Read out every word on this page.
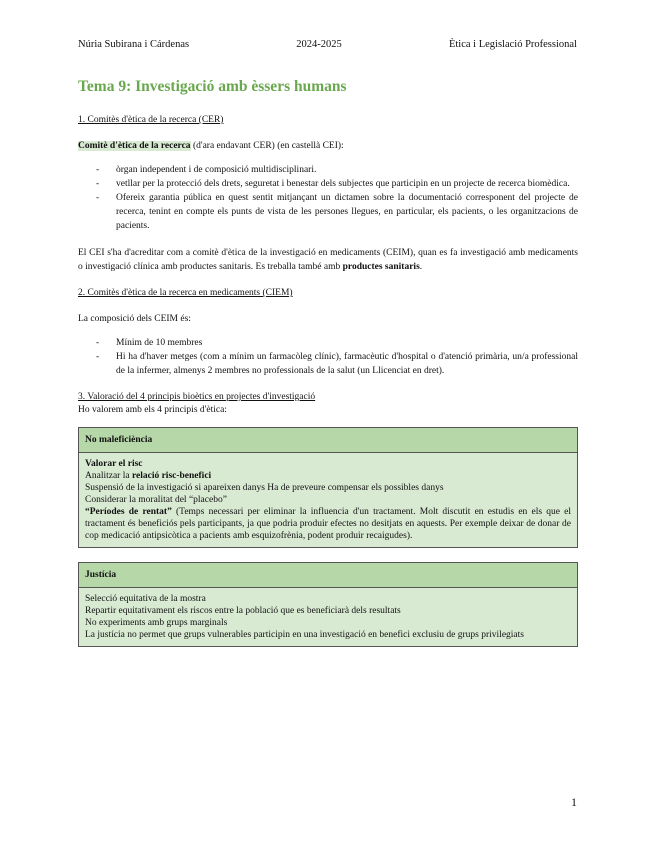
Núria Subirana i Cárdenas	2024-2025	Ètica i Legislació Professional
Tema 9: Investigació amb èssers humans
1. Comitès d'ètica de la recerca (CER)

Comitè d'ètica de la recerca (d'ara endavant CER) (en castellà CEI):

- òrgan independent i de composició multidisciplinari.
- vetllar per la protecció dels drets, seguretat i benestar dels subjectes que participin en un projecte de recerca biomèdica.
- Ofereix garantia pública en quest sentit mitjançant un dictamen sobre la documentació corresponent del projecte de recerca, tenint en compte els punts de vista de les persones llegues, en particular, els pacients, o les organitzacions de pacients.

El CEI s'ha d'acreditar com a comitè d'ètica de la investigació en medicaments (CEIM), quan es fa investigació amb medicaments o investigació clínica amb productes sanitaris. Es treballa també amb productes sanitaris.

2. Comitès d'ètica de la recerca en medicaments (CIEM)

La composició dels CEIM és:

- Mínim de 10 membres
- Hi ha d'haver metges (com a mínim un farmacòleg clínic), farmacèutic d'hospital o d'atenció primària, un/a professional de la infermer, almenys 2 membres no professionals de la salut (un Llicenciat en dret).
3. Valoració del 4 principis bioètics en projectes d'investigació

Ho valorem amb els 4 principis d'ètica:

No maleficiència

Valorar el risc

Analitzar la relació risc-benefici

Suspensió de la investigació si apareixen danys Ha de preveure compensar els possibles danys

Considerar la moralitat del “placebo”

“Períodes de rentat” (Temps necessari per eliminar la influencia d'un tractament. Molt discutit en estudis en els que el tractament és beneficiós pels participants, ja que podria produir efectes no desitjats en aquests. Per exemple deixar de donar de cop medicació antipsicòtica a pacients amb esquizofrènia, podent produir recaigudes).

Justícia

Selecció equitativa de la mostra

Repartir equitativament els riscos entre la població que es beneficiarà dels resultats

No experiments amb grups marginals

La justícia no permet que grups vulnerables participin en una investigació en benefici exclusiu de grups privilegiats

1
